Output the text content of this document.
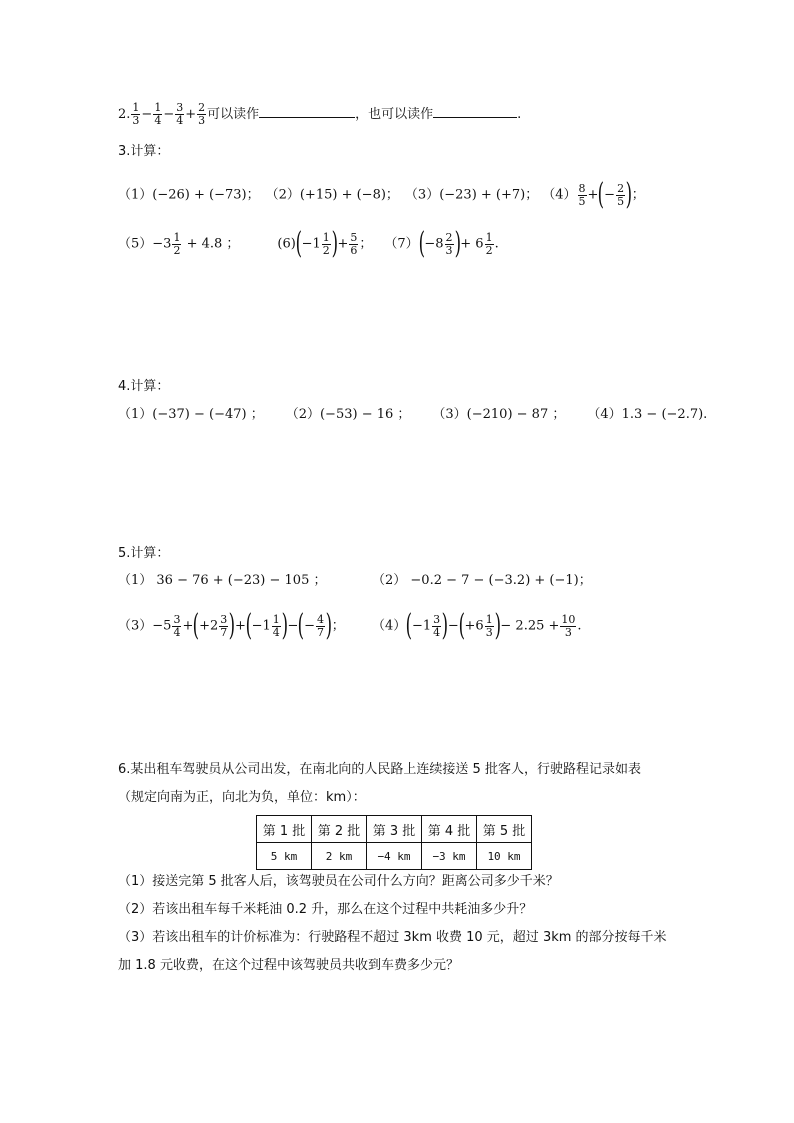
2. $\frac{1}{3} - \frac{1}{4} - \frac{3}{4} + \frac{2}{3}$ 可以读作	，也可以读作	.
3.计算：
（1）(−26) + (−73)； （2）(+15) + (−8)； （3）(−23) + (+7)； $(4) \frac{8}{5}$ +(− $\frac{2}{5}$ )；
$(5)-3 \frac{1}{2} + 4.8$ ；	$(6)(-1 \frac{1}{2}$ )+ $\frac{5}{6}$ ； $(7)(-8 \frac{2}{3}$ )+ $6 \frac{1}{2}$ .
4.计算：
（1）(−37) − (−47) ； （2）(−53) − 16 ； （3）(−210) − 87 ； （4）1.3 − (−2.7).
5.计算：
（1） 36 − 76 + (−23) − 105 ；	（2） −0.2 − 7 − (−3.2) + (−1)；
$(3)-5 \frac{3}{4} +(+2 \frac{3}{7} )+(-1 \frac{1}{4}$ )−(− $\frac{4}{7}$ )； $(4)(-1 \frac{3}{4} )-(+6 \frac{1}{3}$ )− $2.25 + \frac{10}{3}$ .
6.某出租车驾驶员从公司出发，在南北向的人民路上连续接送 5 批客人，行驶路程记录如表
（规定向南为正，向北为负，单位：km）：
第 1 批	第 2 批	第 3 批	第 4 批	第 5 批
5 km	2 km	−4 km	−3 km	10 km
（1）接送完第 5 批客人后，该驾驶员在公司什么方向？距离公司多少千米？
（2）若该出租车每千米耗油 0.2 升，那么在这个过程中共耗油多少升？
（3）若该出租车的计价标准为：行驶路程不超过 3km 收费 10 元，超过 3km 的部分按每千米
加 1.8 元收费，在这个过程中该驾驶员共收到车费多少元？
